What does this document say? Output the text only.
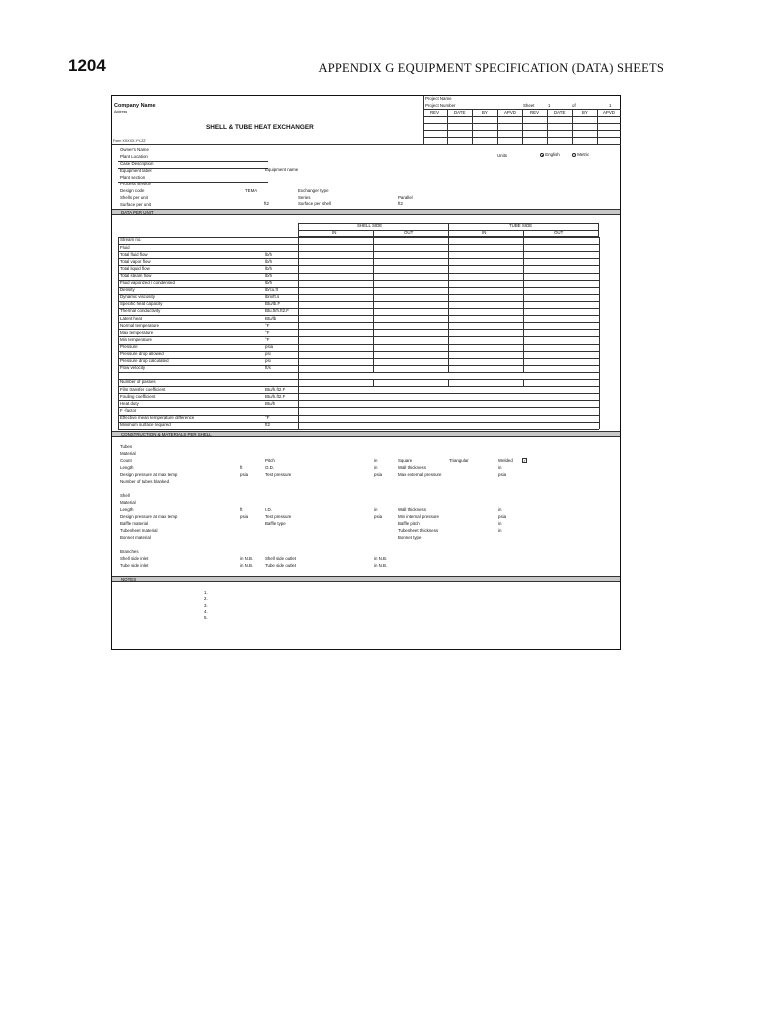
1204	APPENDIX G EQUIPMENT SPECIFICATION (DATA) SHEETS
Company Name
Address
SHELL & TUBE HEAT EXCHANGER
Form XXXXX-YY-ZZ
Project Name
Project Number	Sheet	1	of	1
REV	DATE	BY	APVD	REV	DATE	BY	APVD
Owner's Name
Plant Location
Case Description
Equipment label
Plant section
Process service
Design code
Shells per unit
Surface per unit
Units	English	Metric
Equipment name
TEMA	Exchanger type
Series	Parallel
ft2	Surface per shell	ft2
DATA PER UNIT
SHELL SIDE	TUBE SIDE
IN	OUT	IN	OUT
Stream no.
Fluid
Total fluid flow	lb/h
Total vapor flow	lb/h
Total liquid flow	lb/h
Total steam flow	lb/h
Fluid vaporized / condensed	lb/h
Density	lb/cu.ft
Dynamic viscosity	lbm/ft.s
Specific heat capacity	Btu/lb.F
Thermal conductivity	Btu.ft/h.ft2.F
Latent heat	Btu/lb
Normal temperature	°F
Max temperature	°F
Min temperature	°F
Pressure	psia
Pressure drop allowed	psi
Pressure drop calculated	psi
Flow velocity	ft/s
Number of passes
Film transfer coefficient	Btu/h.ft2.F
Fouling coefficient	Btu/h.ft2.F
Heat duty	Btu/h
F -factor
Effective mean temperature difference	°F
Minimum surface required	ft2
CONSTRUCTION & MATERIALS PER SHELL
Tubes
Material
Count	Pitch	in	Square	Triangular	Welded	✓
Length	ft	O.D.	in	Wall thickness	in
Design pressure at max temp	psia	Test pressure	psia	Max external pressure	psia
Number of tubes blanked
Shell
Material
Length	ft	I.D.	in	Wall thickness	in
Design pressure at max temp	psia	Test pressure	psia	Min internal pressure	psia
Baffle material	Baffle type	Baffle pitch	in
Tubesheet material	Tubesheet thickness	in
Bonnet material	Bonnet type
Branches
Shell side inlet	in N.B.	Shell side outlet	in N.B.
Tube side inlet	in N.B.	Tube side outlet	in N.B.
NOTES
1.
2.
3.
4.
5.
